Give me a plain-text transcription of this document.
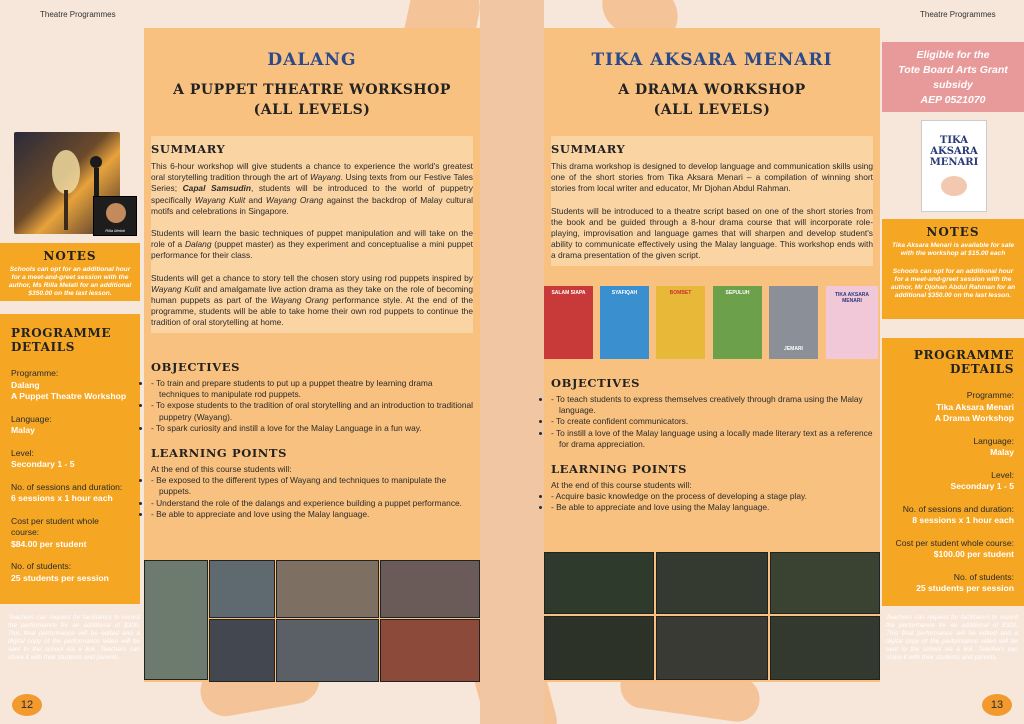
Theatre Programmes
Rilla Melati
NOTES
Schools can opt for an additional hour for a meet-and-greet session with the author, Ms Rilla Melati for an additional $350.00 on the last lesson.
PROGRAMME DETAILS
Programme:
Dalang
A Puppet Theatre Workshop
Language:
Malay
Level:
Secondary 1 - 5
No. of sessions and duration:
6 sessions x 1 hour each
Cost per student whole course:
$84.00 per student
No. of students:
25 students per session
Teachers can request for facilitators to record the performance for an additional of $300. This final performance will be edited and a digital copy of the performance video will be sent to the school via a link. Teachers can share it with their students and parents.
DALANG
A PUPPET THEATRE WORKSHOP
(ALL LEVELS)
SUMMARY

This 6-hour workshop will give students a chance to experience the world's greatest oral storytelling tradition through the art of Wayang. Using texts from our Festive Tales Series; Capal Samsudin, students will be introduced to the world of puppetry specifically Wayang Kulit and Wayang Orang against the backdrop of Malay cultural motifs and celebrations in Singapore.

Students will learn the basic techniques of puppet manipulation and will take on the role of a Dalang (puppet master) as they experiment and conceptualise a mini puppet performance for their class.

Students will get a chance to story tell the chosen story using rod puppets inspired by Wayang Kulit and amalgamate live action drama as they take on the role of becoming human puppets as part of the Wayang Orang performance style. At the end of the programme, students will be able to take home their own rod puppets to continue the tradition of oral storytelling at home.

OBJECTIVES
• - To train and prepare students to put up a puppet theatre by learning drama techniques to manipulate rod puppets.
• - To expose students to the tradition of oral storytelling and an introduction to traditional puppetry (Wayang).
• - To spark curiosity and instill a love for the Malay Language in a fun way.
LEARNING POINTS
At the end of this course students will:
• - Be exposed to the different types of Wayang and techniques to manipulate the puppets.
• - Understand the role of the dalangs and experience building a puppet performance.
• - Be able to appreciate and love using the Malay language.
12
Theatre Programmes
TIKA AKSARA MENARI
A DRAMA WORKSHOP
(ALL LEVELS)
SUMMARY

This drama workshop is designed to develop language and communication skills using one of the short stories from Tika Aksara Menari – a compilation of winning short stories from local writer and educator, Mr Djohan Abdul Rahman.

Students will be introduced to a theatre script based on one of the short stories from the book and be guided through a 8-hour drama course that will incorporate role-playing, improvisation and language games that will sharpen and develop student's ability to communicate effectively using the Malay language. This workshop ends with a drama presentation of the given script.

SALAM SIAPA	SYAFIQAH	BOMBET	SEPULUH
JEMARI
TIKA AKSARA MENARI
OBJECTIVES
• - To teach students to express themselves creatively through drama using the Malay language.
• - To create confident communicators.
• - To instill a love of the Malay language using a locally made literary text as a reference for drama appreciation.
LEARNING POINTS
At the end of this course students will:
• - Acquire basic knowledge on the process of developing a stage play.
• - Be able to appreciate and love using the Malay language.
Eligible for the
Tote Board Arts Grant
subsidy
AEP 0521070
TIKA
AKSARA
MENARI
NOTES
Tika Aksara Menari is available for sale with the workshop at $15.00 each
Schools can opt for an additional hour for a meet-and-greet session with the author, Mr Djohan Abdul Rahman for an additional $350.00 on the last lesson.
PROGRAMME DETAILS
Programme:
Tika Aksara Menari
A Drama Workshop
Language:
Malay
Level:
Secondary 1 - 5
No. of sessions and duration:
8 sessions x 1 hour each
Cost per student whole course:
$100.00 per student
No. of students:
25 students per session
Teachers can request for facilitators to record the performance for an additional of $300. This final performance will be edited and a digital copy of the performance video will be sent to the school via a link. Teachers can share it with their students and parents.
13
